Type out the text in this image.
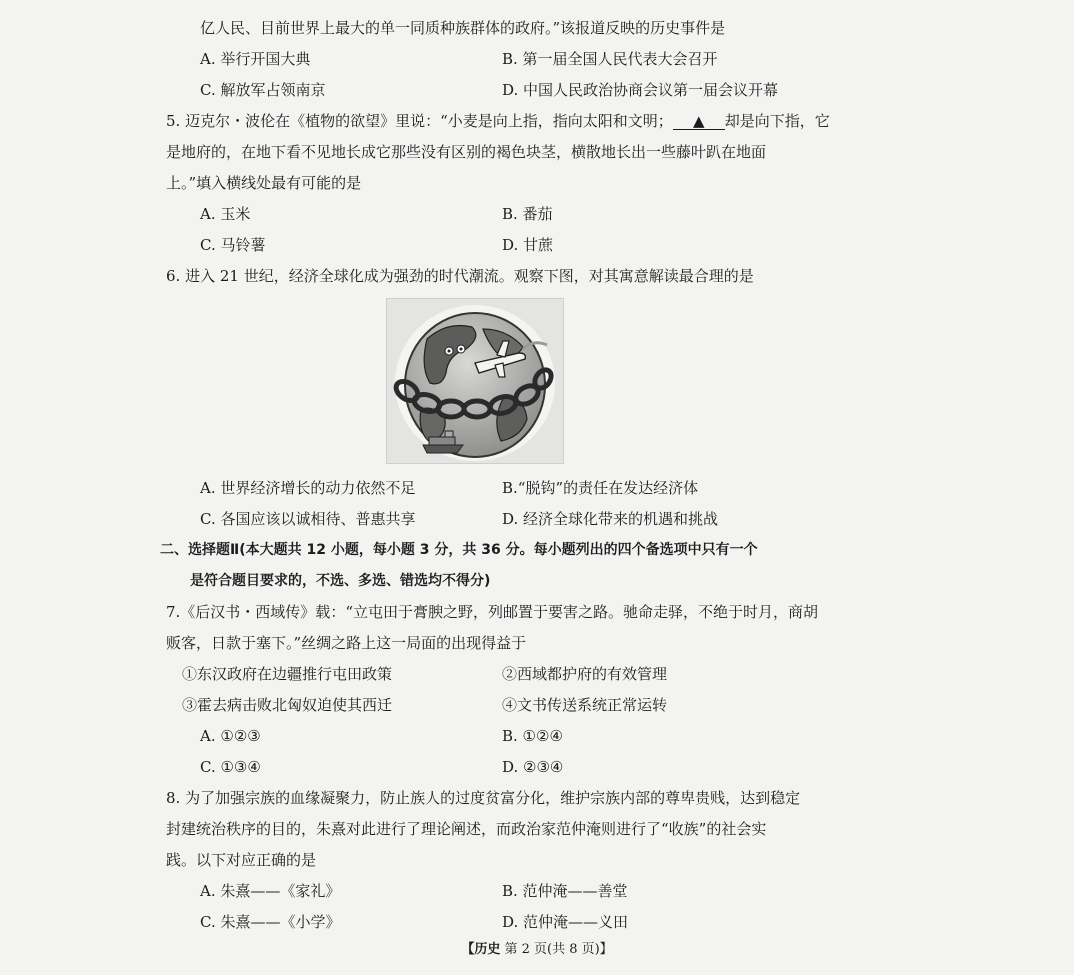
亿人民、目前世界上最大的单一同质种族群体的政府。”该报道反映的历史事件是
A. 举行开国大典	B. 第一届全国人民代表大会召开
C. 解放军占领南京	D. 中国人民政治协商会议第一届会议开幕
5. 迈克尔・波伦在《植物的欲望》里说：“小麦是向上指，指向太阳和文明； ▲ 却是向下指，它
是地府的，在地下看不见地长成它那些没有区别的褐色块茎，横散地长出一些藤叶趴在地面
上。”填入横线处最有可能的是
A. 玉米	B. 番茄
C. 马铃薯	D. 甘蔗
6. 进入 21 世纪，经济全球化成为强劲的时代潮流。观察下图，对其寓意解读最合理的是
A. 世界经济增长的动力依然不足	B.“脱钩”的责任在发达经济体
C. 各国应该以诚相待、普惠共享	D. 经济全球化带来的机遇和挑战
二、选择题Ⅱ(本大题共 12 小题，每小题 3 分，共 36 分。每小题列出的四个备选项中只有一个
是符合题目要求的，不选、多选、错选均不得分)
7.《后汉书・西域传》载：“立屯田于膏腴之野，列邮置于要害之路。驰命走驿，不绝于时月，商胡
贩客，日款于塞下。”丝绸之路上这一局面的出现得益于
①东汉政府在边疆推行屯田政策	②西域都护府的有效管理
③霍去病击败北匈奴迫使其西迁	④文书传送系统正常运转
A. ①②③	B. ①②④
C. ①③④	D. ②③④
8. 为了加强宗族的血缘凝聚力，防止族人的过度贫富分化，维护宗族内部的尊卑贵贱，达到稳定
封建统治秩序的目的，朱熹对此进行了理论阐述，而政治家范仲淹则进行了“收族”的社会实
践。以下对应正确的是
A. 朱熹——《家礼》	B. 范仲淹——善堂
C. 朱熹——《小学》	D. 范仲淹——义田
【历史 第 2 页(共 8 页)】
